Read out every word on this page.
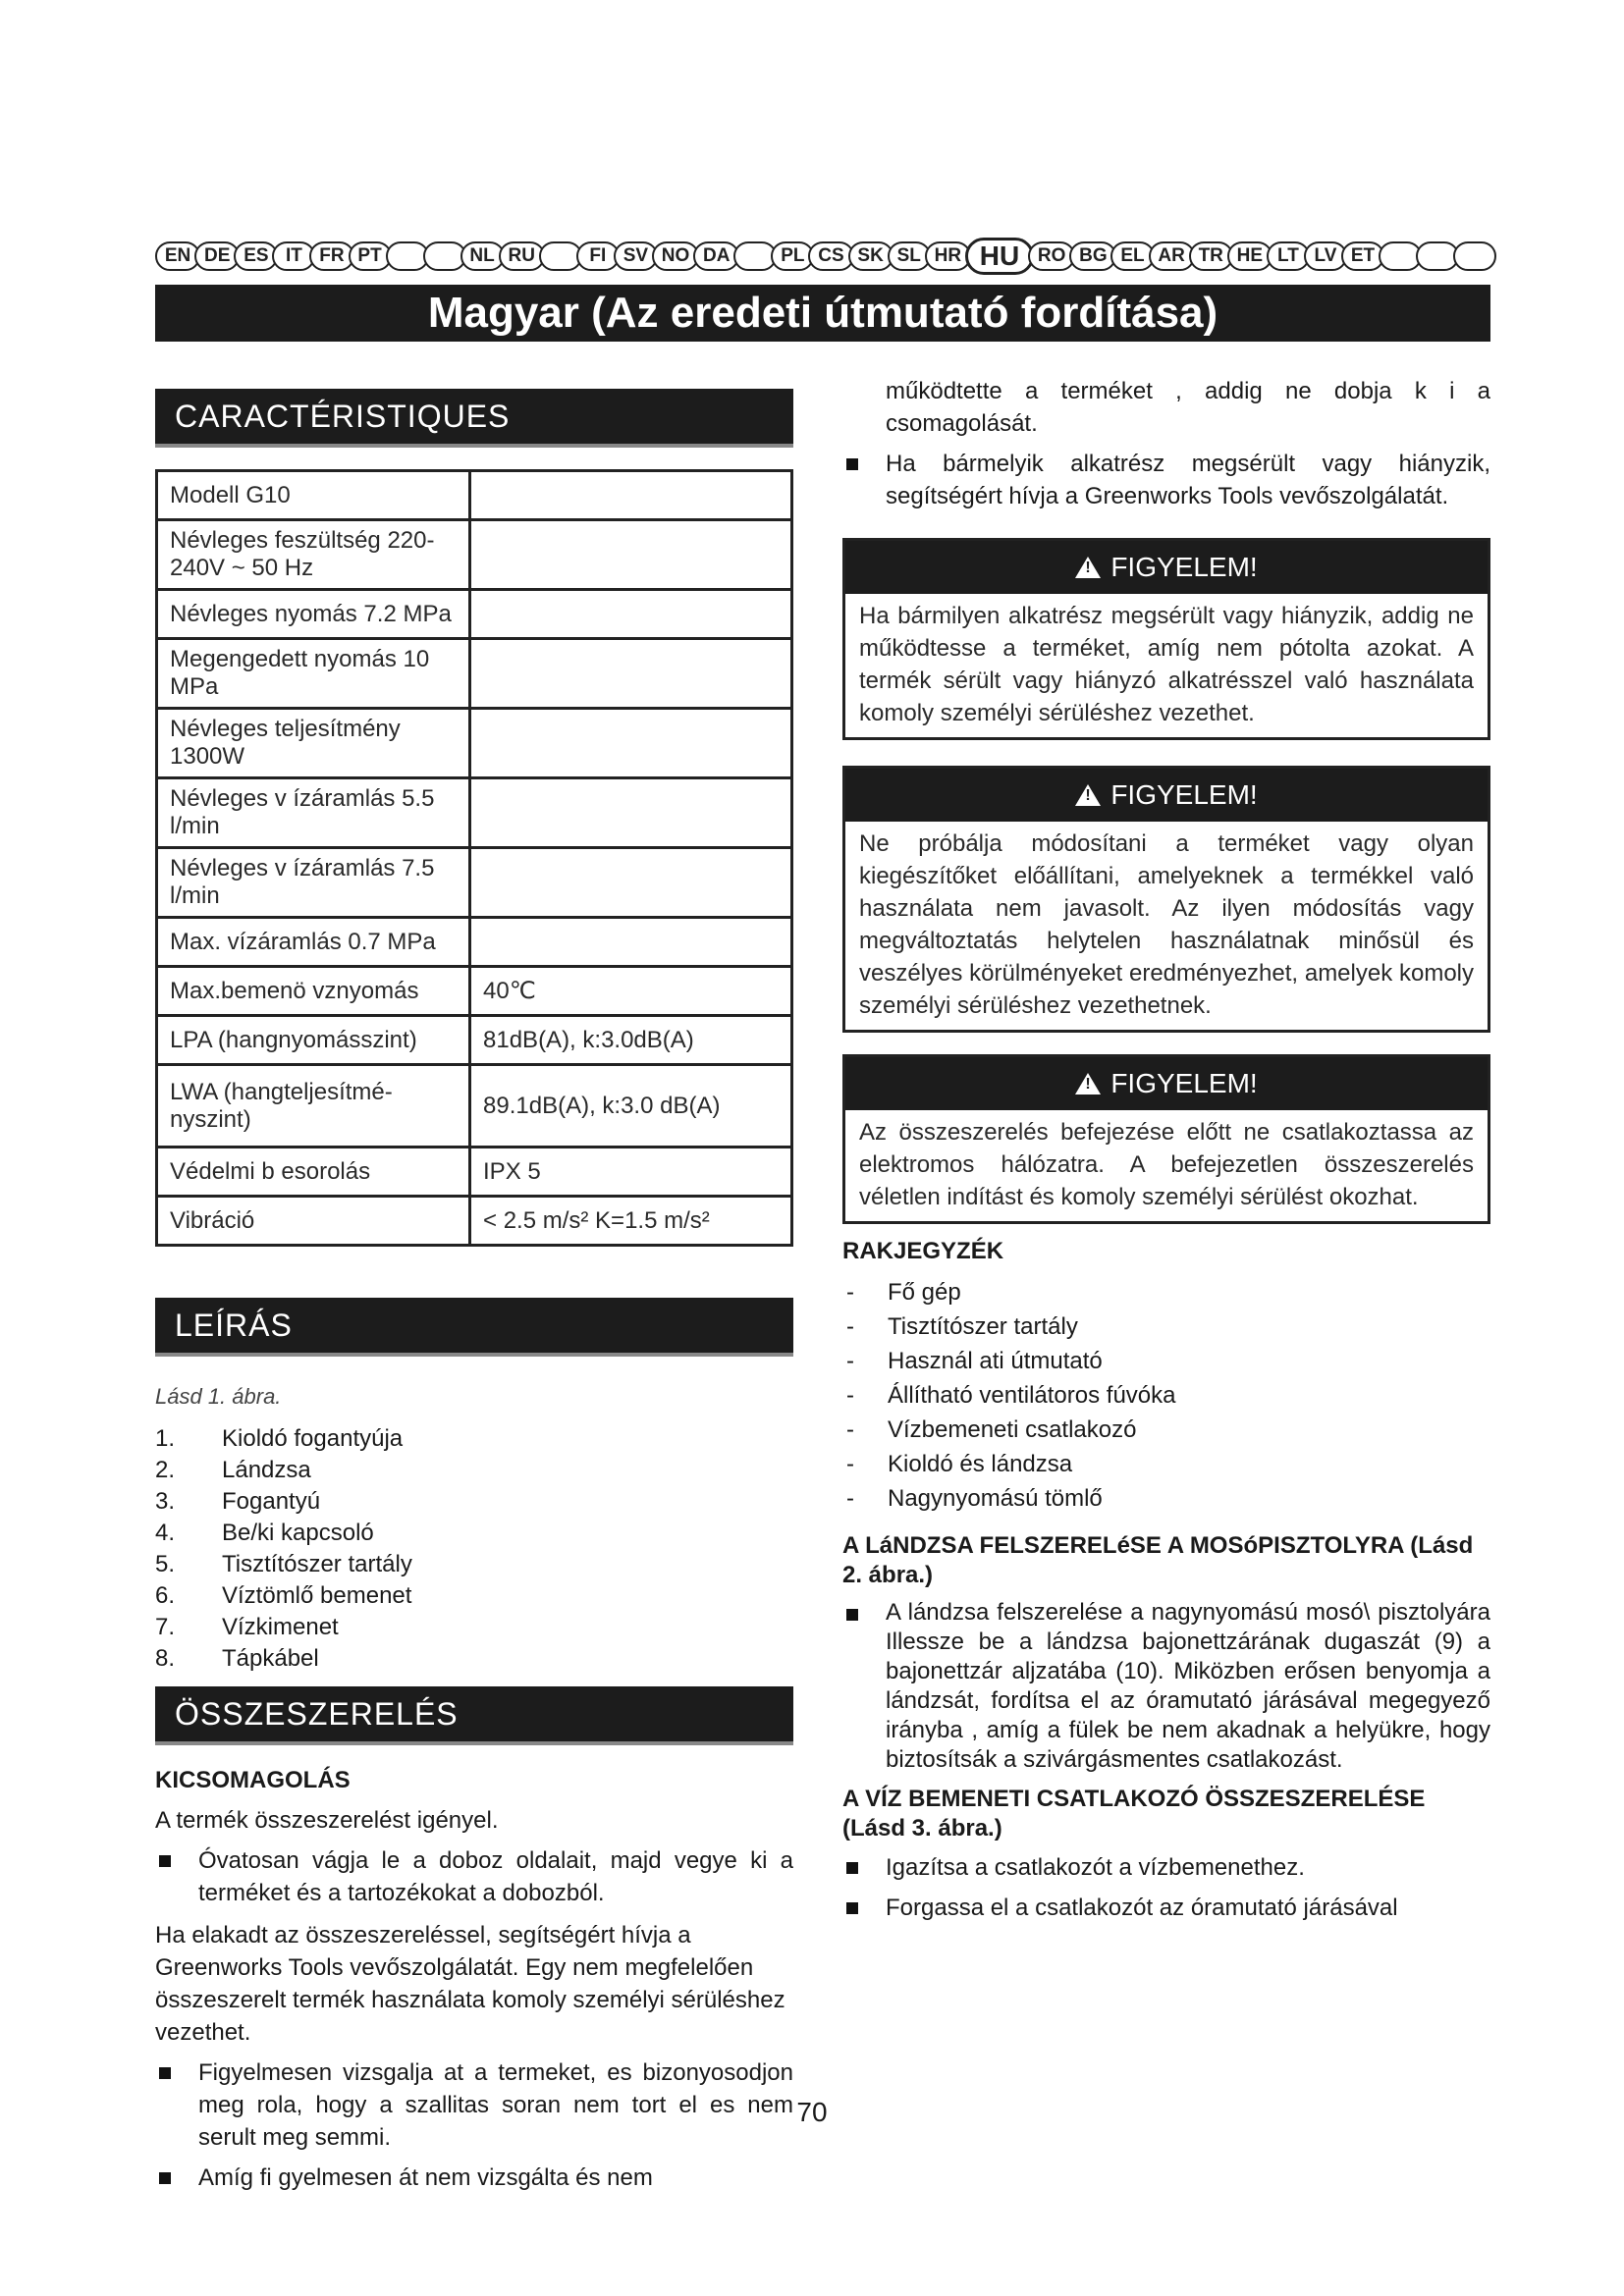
EN DE ES IT FR PT	NL RU	FI SV NO DA	PL CS SK SL HR HU RO BG EL AR TR HE LT LV ET
Magyar (Az eredeti útmutató fordítása)
CARACTÉRISTIQUES
Modell G10	
Névleges feszültség 220-240V ~ 50 Hz	
Névleges nyomás 7.2 MPa	
Megengedett nyomás 10 MPa	
Névleges teljesítmény 1300W	
Névleges v ízáramlás 5.5 l/min	
Névleges v ízáramlás 7.5 l/min	
Max. vízáramlás 0.7 MPa	
Max.bemenö vznyomás	40℃
LPA (hangnyomásszint)	81dB(A), k:3.0dB(A)
LWA (hangteljesítmé-nyszint)	89.1dB(A), k:3.0 dB(A)
Védelmi b esorolás	IPX 5
Vibráció	< 2.5 m/s² K=1.5 m/s²
LEÍRÁS
Lásd 1. ábra.
1.	Kioldó fogantyúja
2.	Lándzsa
3.	Fogantyú
4.	Be/ki kapcsoló
5.	Tisztítószer tartály
6.	Víztömlő bemenet
7.	Vízkimenet
8.	Tápkábel
ÖSSZESZERELÉS
KICSOMAGOLÁS
A termék összeszerelést igényel.
Óvatosan vágja le a doboz oldalait, majd vegye ki a terméket és a tartozékokat a dobozból.
Ha elakadt az összeszereléssel, segítségért hívja a Greenworks Tools vevőszolgálatát. Egy nem megfelelően összeszerelt termék használata komoly személyi sérüléshez vezethet.
Figyelmesen vizsgalja at a termeket, es bizonyosodjon meg rola, hogy a szallitas soran nem tort el es nem serult meg semmi.
Amíg fi gyelmesen át nem vizsgálta és nem
működtette a terméket , addig ne dobja k i a csomagolását.
Ha bármelyik alkatrész megsérült vagy hiányzik, segítségért hívja a Greenworks Tools vevőszolgálatát.
!
FIGYELEM!
Ha bármilyen alkatrész megsérült vagy hiányzik, addig ne működtesse a terméket, amíg nem pótolta azokat. A termék sérült vagy hiányzó alkatrésszel való használata komoly személyi sérüléshez vezethet.
!
FIGYELEM!
Ne próbálja módosítani a terméket vagy olyan kiegészítőket előállítani, amelyeknek a termékkel való használata nem javasolt. Az ilyen módosítás vagy megváltoztatás helytelen használatnak minősül és veszélyes körülményeket eredményezhet, amelyek komoly személyi sérüléshez vezethetnek.
!
FIGYELEM!
Az összeszerelés befejezése előtt ne csatlakoztassa az elektromos hálózatra. A befejezetlen összeszerelés véletlen indítást és komoly személyi sérülést okozhat.
RAKJEGYZÉK
-	Fő gép
-	Tisztítószer tartály
-	Használ ati útmutató
-	Állítható ventilátoros fúvóka
-	Vízbemeneti csatlakozó
-	Kioldó és lándzsa
-	Nagynyomású tömlő
A LáNDZSA FELSZERELéSE A MOSóPISZTOLYRA (Lásd 2. ábra.)
A lándzsa felszerelése a nagynyomású mosó\ pisztolyára Illessze be a lándzsa bajonettzárának dugaszát (9) a bajonettzár aljzatába (10). Miközben erősen benyomja a lándzsát, fordítsa el az óramutató járásával megegyező irányba , amíg a fülek be nem akadnak a helyükre, hogy biztosítsák a szivárgásmentes csatlakozást.
A VÍZ BEMENETI CSATLAKOZÓ ÖSSZESZERELÉSE (Lásd 3. ábra.)
Igazítsa a csatlakozót a vízbemenethez.
Forgassa el a csatlakozót az óramutató járásával
70
